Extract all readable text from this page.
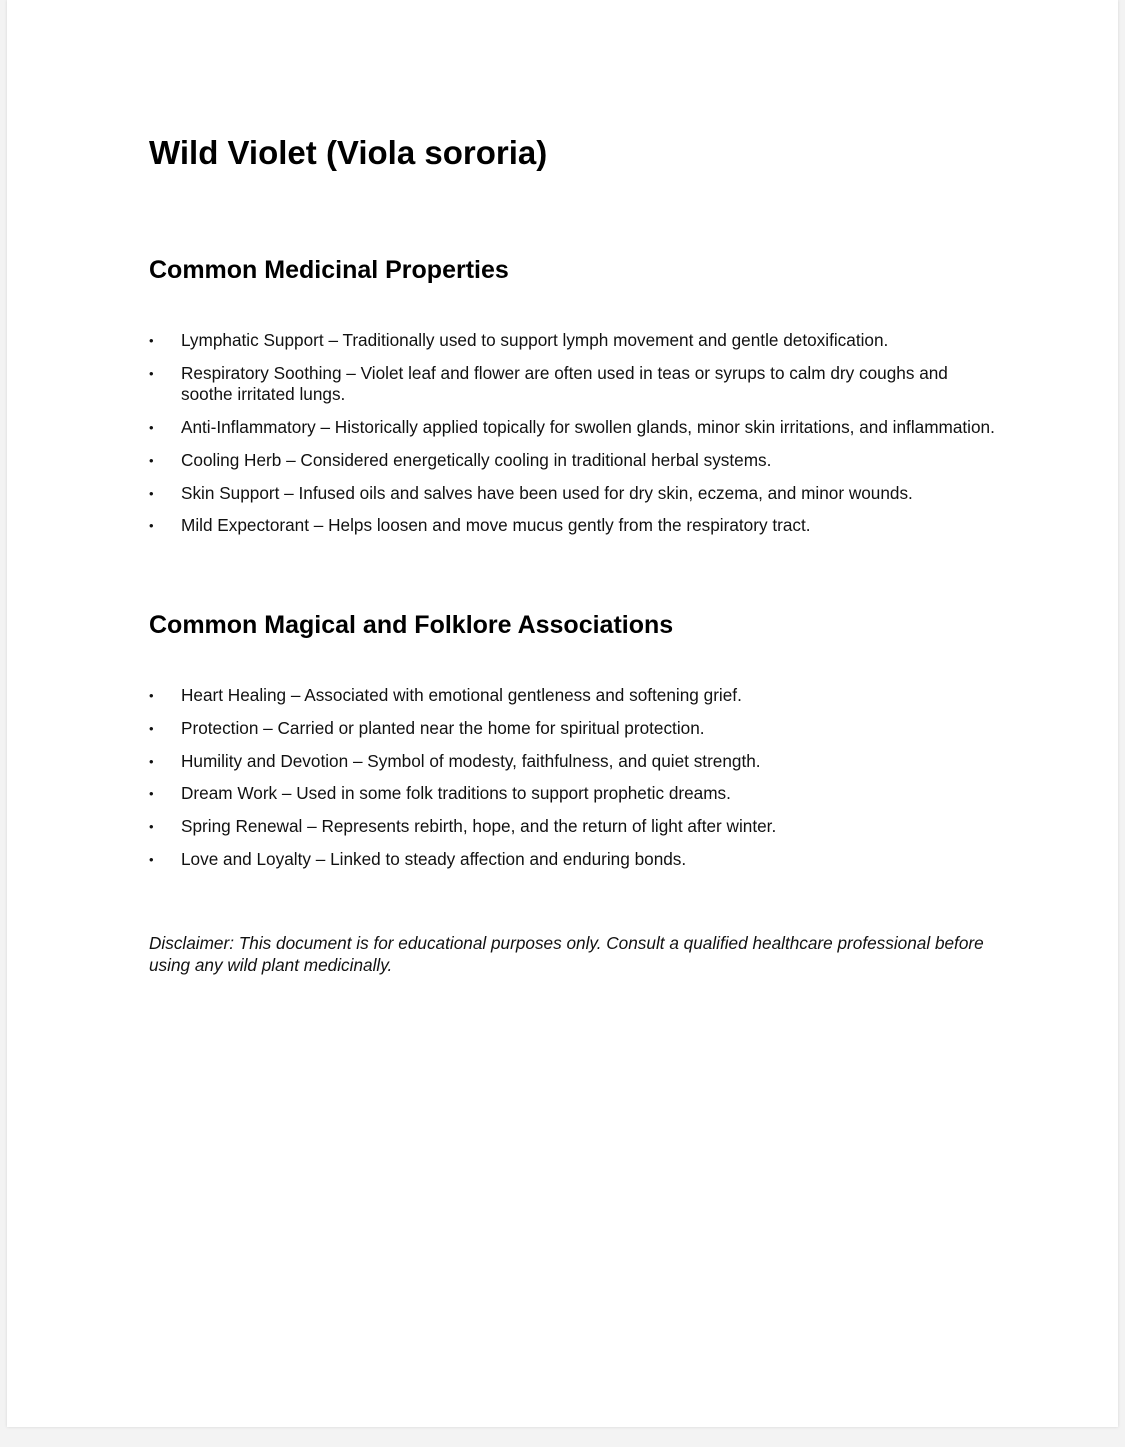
Wild Violet (Viola sororia)
Common Medicinal Properties
•	Lymphatic Support – Traditionally used to support lymph movement and gentle detoxification.
•	Respiratory Soothing – Violet leaf and flower are often used in teas or syrups to calm dry coughs and soothe irritated lungs.
•	Anti-Inflammatory – Historically applied topically for swollen glands, minor skin irritations, and inflammation.
•	Cooling Herb – Considered energetically cooling in traditional herbal systems.
•	Skin Support – Infused oils and salves have been used for dry skin, eczema, and minor wounds.
•	Mild Expectorant – Helps loosen and move mucus gently from the respiratory tract.
Common Magical and Folklore Associations
•	Heart Healing – Associated with emotional gentleness and softening grief.
•	Protection – Carried or planted near the home for spiritual protection.
•	Humility and Devotion – Symbol of modesty, faithfulness, and quiet strength.
•	Dream Work – Used in some folk traditions to support prophetic dreams.
•	Spring Renewal – Represents rebirth, hope, and the return of light after winter.
•	Love and Loyalty – Linked to steady affection and enduring bonds.

Disclaimer: This document is for educational purposes only. Consult a qualified healthcare professional before using any wild plant medicinally.
